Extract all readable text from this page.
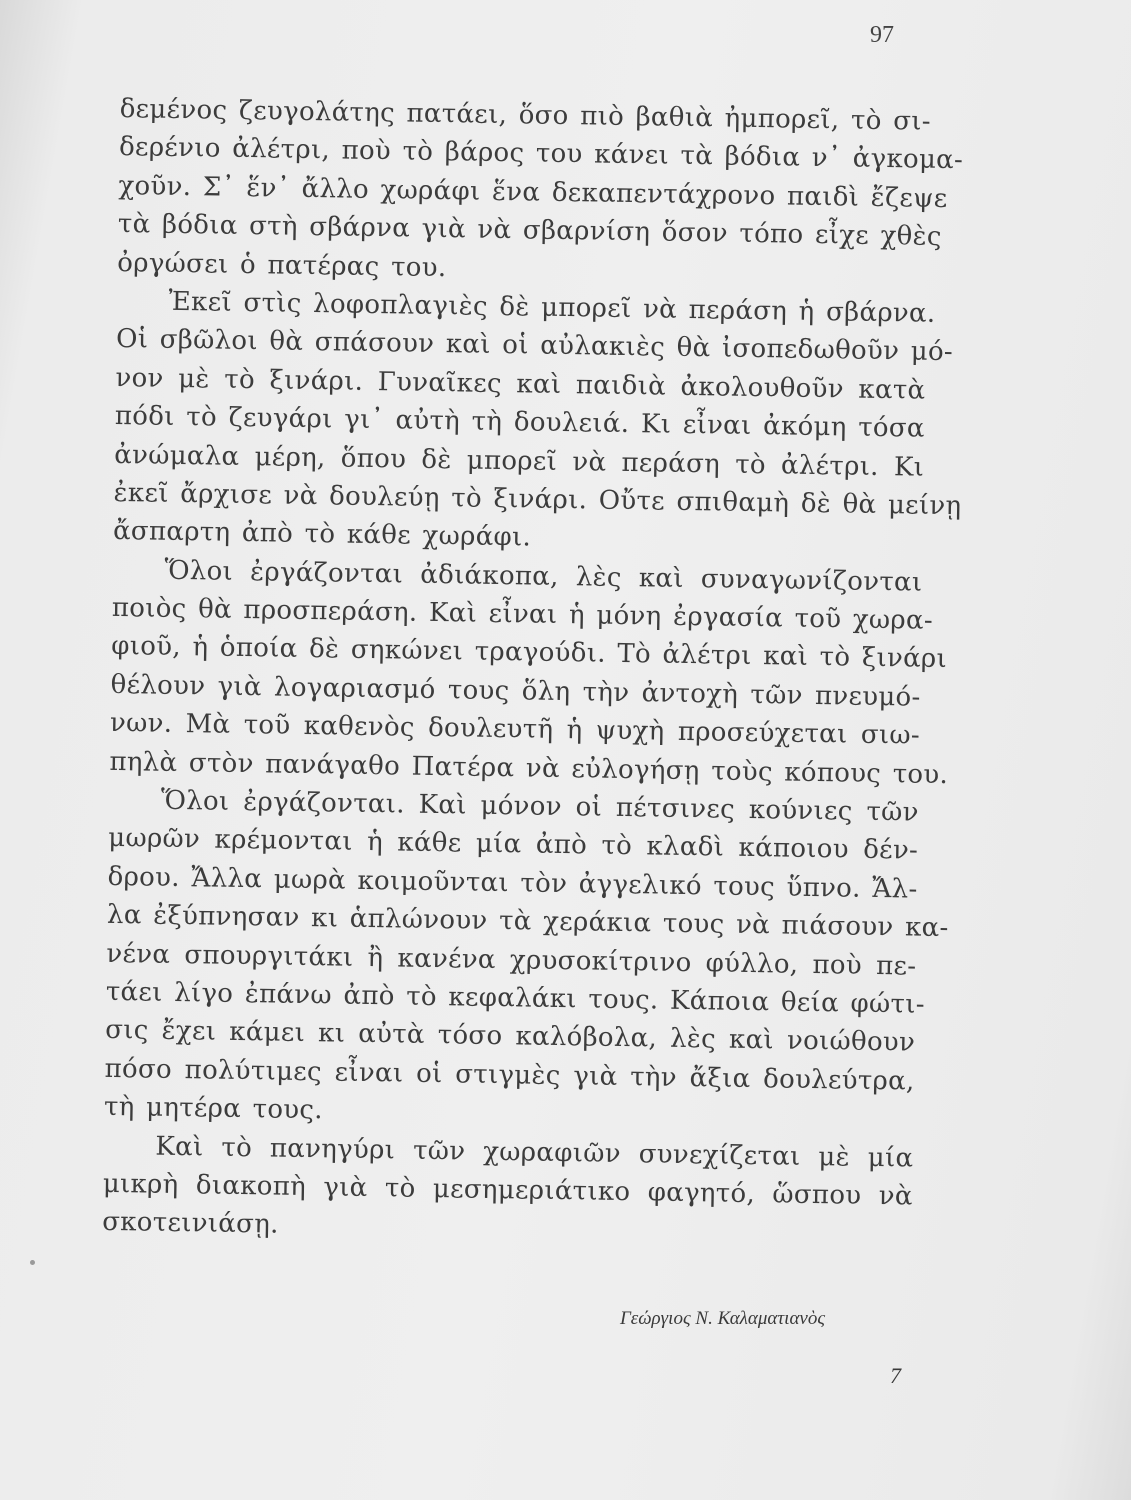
97
δεμένος ζευγολάτης πατάει, ὅσο πιὸ βαθιὰ ἠμπορεῖ, τὸ σι-
δερένιο ἀλέτρι, ποὺ τὸ βάρος του κάνει τὰ βόδια ν᾽ ἀγκομα-
χοῦν. Σ᾽ ἕν᾽ ἄλλο χωράφι ἕνα δεκαπεντάχρονο παιδὶ ἔζεψε
τὰ βόδια στὴ σβάρνα γιὰ νὰ σβαρνίση ὅσον τόπο εἶχε χθὲς
ὀργώσει ὁ πατέρας του.
Ἐκεῖ στὶς λοφοπλαγιὲς δὲ μπορεῖ νὰ περάση ἡ σβάρνα.
Οἱ σβῶλοι θὰ σπάσουν καὶ οἱ αὐλακιὲς θὰ ἰσοπεδωθοῦν μό-
νον μὲ τὸ ξινάρι. Γυναῖκες καὶ παιδιὰ ἀκολουθοῦν κατὰ
πόδι τὸ ζευγάρι γι᾽ αὐτὴ τὴ δουλειά. Κι εἶναι ἀκόμη τόσα
ἀνώμαλα μέρη, ὅπου δὲ μπορεῖ νὰ περάση τὸ ἀλέτρι. Κι
ἐκεῖ ἄρχισε νὰ δουλεύῃ τὸ ξινάρι. Οὔτε σπιθαμὴ δὲ θὰ μείνῃ
ἄσπαρτη ἀπὸ τὸ κάθε χωράφι.
Ὅλοι ἐργάζονται ἀδιάκοπα, λὲς καὶ συναγωνίζονται
ποιὸς θὰ προσπεράση. Καὶ εἶναι ἡ μόνη ἐργασία τοῦ χωρα-
φιοῦ, ἡ ὁποία δὲ σηκώνει τραγούδι. Τὸ ἀλέτρι καὶ τὸ ξινάρι
θέλουν γιὰ λογαριασμό τους ὅλη τὴν ἀντοχὴ τῶν πνευμό-
νων. Μὰ τοῦ καθενὸς δουλευτῆ ἡ ψυχὴ προσεύχεται σιω-
πηλὰ στὸν πανάγαθο Πατέρα νὰ εὐλογήσῃ τοὺς κόπους του.
Ὅλοι ἐργάζονται. Καὶ μόνον οἱ πέτσινες κούνιες τῶν
μωρῶν κρέμονται ἡ κάθε μία ἀπὸ τὸ κλαδὶ κάποιου δέν-
δρου. Ἄλλα μωρὰ κοιμοῦνται τὸν ἀγγελικό τους ὕπνο. Ἄλ-
λα ἐξύπνησαν κι ἁπλώνουν τὰ χεράκια τους νὰ πιάσουν κα-
νένα σπουργιτάκι ἢ κανένα χρυσοκίτρινο φύλλο, ποὺ πε-
τάει λίγο ἐπάνω ἀπὸ τὸ κεφαλάκι τους. Κάποια θεία φώτι-
σις ἔχει κάμει κι αὐτὰ τόσο καλόβολα, λὲς καὶ νοιώθουν
πόσο πολύτιμες εἶναι οἱ στιγμὲς γιὰ τὴν ἄξια δουλεύτρα,
τὴ μητέρα τους.
Καὶ τὸ πανηγύρι τῶν χωραφιῶν συνεχίζεται μὲ μία
μικρὴ διακοπὴ γιὰ τὸ μεσημεριάτικο φαγητό, ὥσπου νὰ
σκοτεινιάσῃ.
Γεώργιος Ν. Καλαματιανὸς
7
